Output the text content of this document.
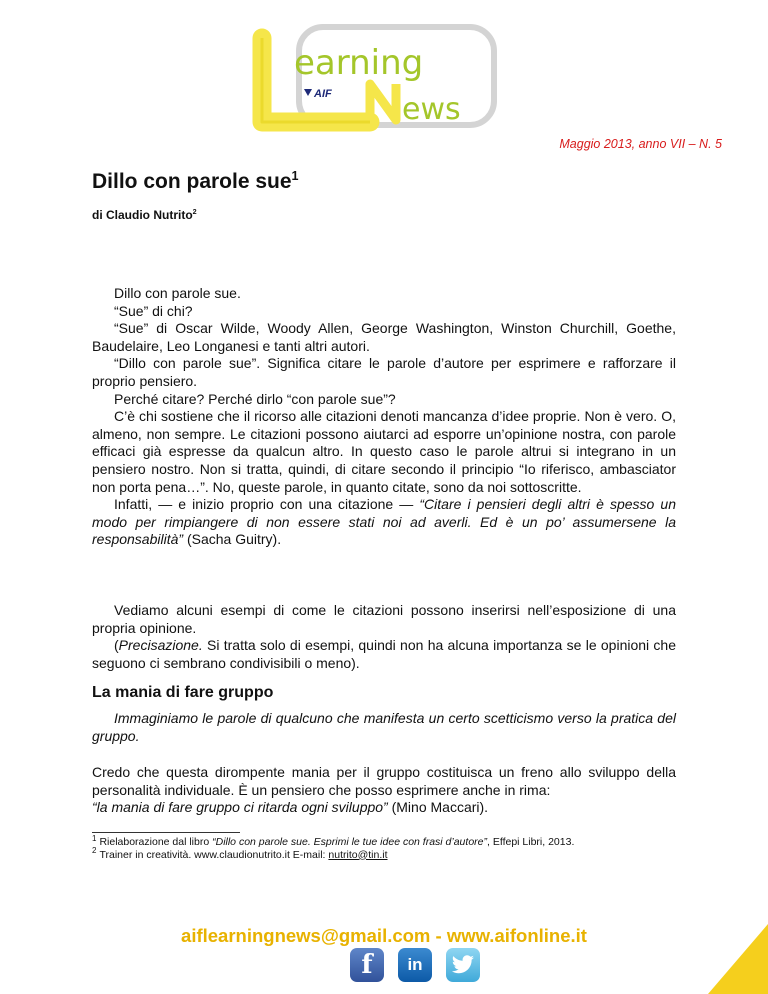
earning
AIF ews
Maggio 2013, anno VII – N. 5
Dillo con parole sue$^1$

di Claudio Nutrito$^2$

Dillo con parole sue.

“Sue” di chi?

“Sue” di Oscar Wilde, Woody Allen, George Washington, Winston Churchill, Goethe, Baudelaire, Leo Longanesi e tanti altri autori.

“Dillo con parole sue”. Significa citare le parole d’autore per esprimere e rafforzare il proprio pensiero.

Perché citare? Perché dirlo “con parole sue”?

C’è chi sostiene che il ricorso alle citazioni denoti mancanza d’idee proprie. Non è vero. O, almeno, non sempre. Le citazioni possono aiutarci ad esporre un’opinione nostra, con parole efficaci già espresse da qualcun altro. In questo caso le parole altrui si integrano in un pensiero nostro. Non si tratta, quindi, di citare secondo il principio “Io riferisco, ambasciator non porta pena…”. No, queste parole, in quanto citate, sono da noi sottoscritte.

Infatti, — e inizio proprio con una citazione — “Citare i pensieri degli altri è spesso un modo per rimpiangere di non essere stati noi ad averli. Ed è un po’ assumersene la responsabilità” (Sacha Guitry).

Vediamo alcuni esempi di come le citazioni possono inserirsi nell’esposizione di una propria opinione.

(Precisazione. Si tratta solo di esempi, quindi non ha alcuna importanza se le opinioni che seguono ci sembrano condivisibili o meno).

La mania di fare gruppo

Immaginiamo le parole di qualcuno che manifesta un certo scetticismo verso la pratica del gruppo.

Credo che questa dirompente mania per il gruppo costituisca un freno allo sviluppo della personalità individuale. È un pensiero che posso esprimere anche in rima:

“la mania di fare gruppo ci ritarda ogni sviluppo” (Mino Maccari).

$^1$ Rielaborazione dal libro “Dillo con parole sue. Esprimi le tue idee con frasi d’autore”, Effepi Libri, 2013.

$^2$ Trainer in creatività. www.claudionutrito.it E-mail: nutrito@tin.it

aiflearningnews@gmail.com - www.aifonline.it
f	in
